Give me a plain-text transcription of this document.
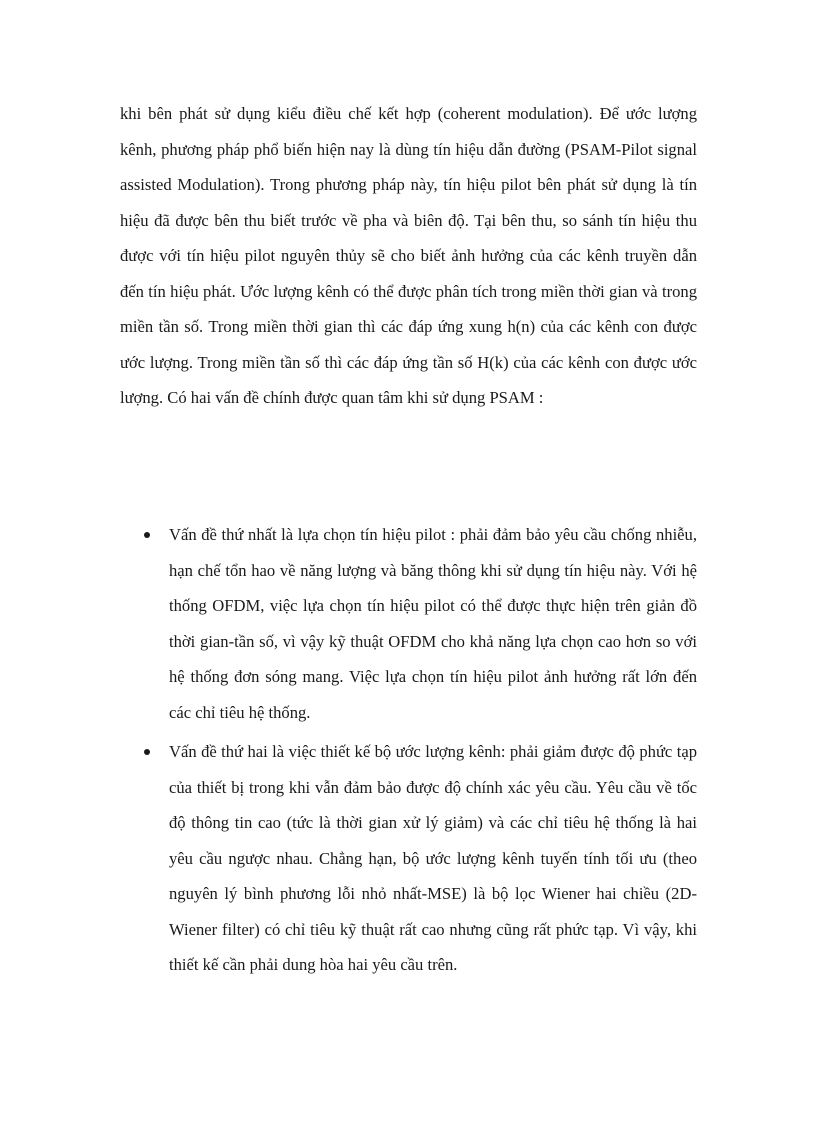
khi bên phát sử dụng kiểu điều chế kết hợp (coherent modulation). Để ước lượng kênh, phương pháp phổ biến hiện nay là dùng tín hiệu dẫn đường (PSAM-Pilot signal assisted Modulation). Trong phương pháp này, tín hiệu pilot bên phát sử dụng là tín hiệu đã được bên thu biết trước về pha và biên độ. Tại bên thu, so sánh tín hiệu thu được với tín hiệu pilot nguyên thủy sẽ cho biết ảnh hưởng của các kênh truyền dẫn đến tín hiệu phát. Ước lượng kênh có thể được phân tích trong miền thời gian và trong miền tần số. Trong miền thời gian thì các đáp ứng xung h(n) của các kênh con được ước lượng. Trong miền tần số thì các đáp ứng tần số H(k) của các kênh con được ước lượng. Có hai vấn đề chính được quan tâm khi sử dụng PSAM :

Vấn đề thứ nhất là lựa chọn tín hiệu pilot : phải đảm bảo yêu cầu chống nhiễu, hạn chế tổn hao về năng lượng và băng thông khi sử dụng tín hiệu này. Với hệ thống OFDM, việc lựa chọn tín hiệu pilot có thể được thực hiện trên giản đồ thời gian-tần số, vì vậy kỹ thuật OFDM cho khả năng lựa chọn cao hơn so với hệ thống đơn sóng mang. Việc lựa chọn tín hiệu pilot ảnh hưởng rất lớn đến các chỉ tiêu hệ thống.
Vấn đề thứ hai là việc thiết kế bộ ước lượng kênh: phải giảm được độ phức tạp của thiết bị trong khi vẫn đảm bảo được độ chính xác yêu cầu. Yêu cầu về tốc độ thông tin cao (tức là thời gian xử lý giảm) và các chỉ tiêu hệ thống là hai yêu cầu ngược nhau. Chẳng hạn, bộ ước lượng kênh tuyến tính tối ưu (theo nguyên lý bình phương lỗi nhỏ nhất-MSE) là bộ lọc Wiener hai chiều (2D-Wiener filter) có chỉ tiêu kỹ thuật rất cao nhưng cũng rất phức tạp. Vì vậy, khi thiết kế cần phải dung hòa hai yêu cầu trên.
